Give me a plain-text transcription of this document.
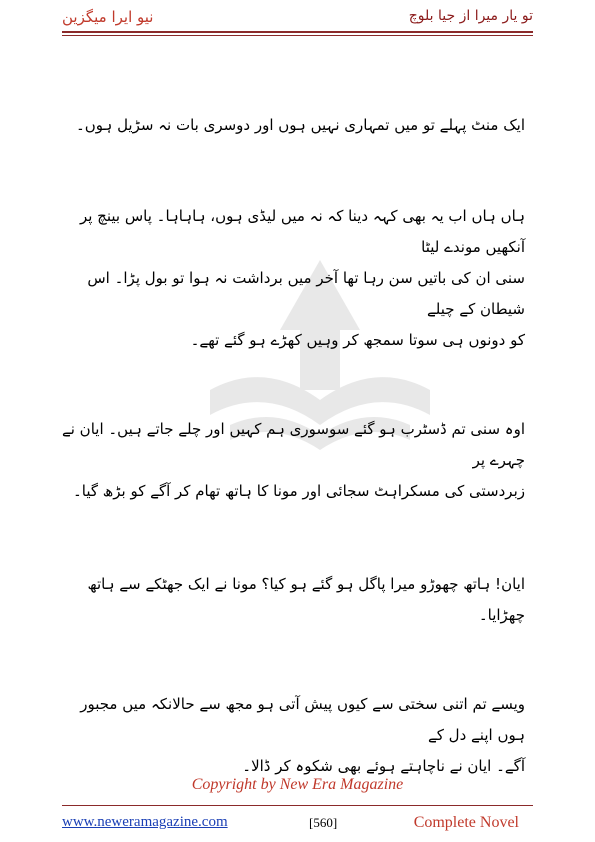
نیو ایرا میگزین	تو یار میرا از جیا بلوچ

ایک منٹ پہلے تو میں تمہاری نہیں ہوں اور دوسری بات نہ سڑیل ہوں۔

ہاں ہاں اب یہ بھی کہہ دینا کہ نہ میں لیڈی ہوں، ہاہاہا۔ پاس بینچ پر آنکھیں موندے لیٹا

سنی ان کی باتیں سن رہا تھا آخر میں برداشت نہ ہوا تو بول پڑا۔ اس شیطان کے چیلے

کو دونوں ہی سوتا سمجھ کر وہیں کھڑے ہو گئے تھے۔

اوہ سنی تم ڈسٹرب ہو گئے سوسوری ہم کہیں اور چلے جاتے ہیں۔ ایان نے چہرے پر

زبردستی کی مسکراہٹ سجائی اور مونا کا ہاتھ تھام کر آگے کو بڑھ گیا۔

ایان! ہاتھ چھوڑو میرا پاگل ہو گئے ہو کیا؟ مونا نے ایک جھٹکے سے ہاتھ چھڑایا۔

ویسے تم اتنی سختی سے کیوں پیش آتی ہو مجھ سے حالانکہ میں مجبور ہوں اپنے دل کے

آگے۔ ایان نے ناچاہتے ہوئے بھی شکوہ کر ڈالا۔

Copyright by New Era Magazine
www.neweramagazine.com	[560]	Complete Novel
